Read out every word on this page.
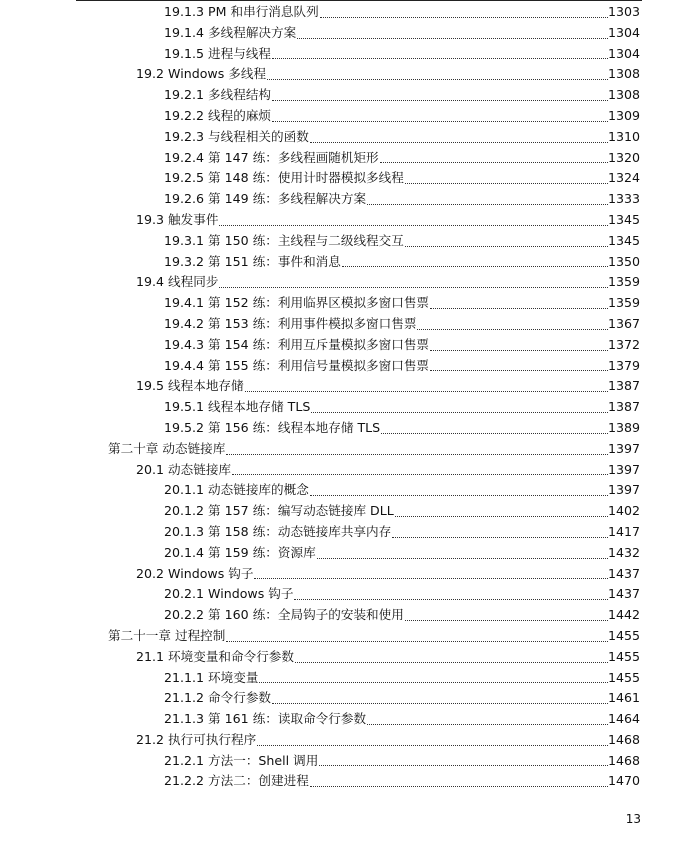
19.1.3 PM 和串行消息队列	1303
19.1.4 多线程解决方案	1304
19.1.5 进程与线程	1304
19.2 Windows 多线程	1308
19.2.1 多线程结构	1308
19.2.2 线程的麻烦	1309
19.2.3 与线程相关的函数	1310
19.2.4 第 147 练：多线程画随机矩形	1320
19.2.5 第 148 练：使用计时器模拟多线程	1324
19.2.6 第 149 练：多线程解决方案	1333
19.3 触发事件	1345
19.3.1 第 150 练：主线程与二级线程交互	1345
19.3.2 第 151 练：事件和消息	1350
19.4 线程同步	1359
19.4.1 第 152 练：利用临界区模拟多窗口售票	1359
19.4.2 第 153 练：利用事件模拟多窗口售票	1367
19.4.3 第 154 练：利用互斥量模拟多窗口售票	1372
19.4.4 第 155 练：利用信号量模拟多窗口售票	1379
19.5 线程本地存储	1387
19.5.1 线程本地存储 TLS	1387
19.5.2 第 156 练：线程本地存储 TLS	1389
第二十章 动态链接库	1397
20.1 动态链接库	1397
20.1.1 动态链接库的概念	1397
20.1.2 第 157 练：编写动态链接库 DLL	1402
20.1.3 第 158 练：动态链接库共享内存	1417
20.1.4 第 159 练：资源库	1432
20.2 Windows 钩子	1437
20.2.1 Windows 钩子	1437
20.2.2 第 160 练：全局钩子的安装和使用	1442
第二十一章 过程控制	1455
21.1 环境变量和命令行参数	1455
21.1.1 环境变量	1455
21.1.2 命令行参数	1461
21.1.3 第 161 练：读取命令行参数	1464
21.2 执行可执行程序	1468
21.2.1 方法一：Shell 调用	1468
21.2.2 方法二：创建进程	1470
13
